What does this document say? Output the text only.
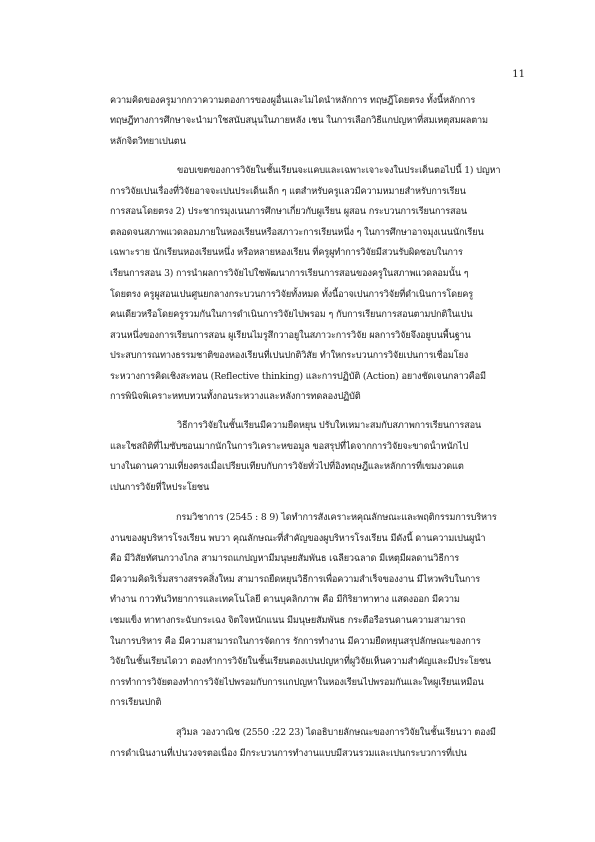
11
ความคิดของครูมากกวาความตองการของผูอื่นและไมไดนําหลักการ ทฤษฎีโดยตรง ทั้งนี้หลักการ
ทฤษฎีทางการศึกษาจะนํามาใชสนับสนุนในภายหลัง เชน ในการเลือกวิธีแกปญหาที่สมเหตุสมผลตาม
หลักจิตวิทยาเปนตน
ขอบเขตของการวิจัยในชั้นเรียนจะแคบและเฉพาะเจาะจงในประเด็นตอไปนี้ 1) ปญหา
การวิจัยเปนเรื่องที่วิจัยอาจจะเปนประเด็นเล็ก ๆ แตสําหรับครูแลวมีความหมายสําหรับการเรียน
การสอนโดยตรง 2) ประชากรมุงเนนการศึกษาเกี่ยวกับผูเรียน ผูสอน กระบวนการเรียนการสอน
ตลอดจนสภาพแวดลอมภายในหองเรียนหรือสภาวะการเรียนหนึ่ง ๆ ในการศึกษาอาจมุงเนนนักเรียน
เฉพาะราย นักเรียนหองเรียนหนึ่ง หรือหลายหองเรียน ที่ครูผูทําการวิจัยมีสวนรับผิดชอบในการ
เรียนการสอน 3) การนําผลการวิจัยไปใชพัฒนาการเรียนการสอนของครูในสภาพแวดลอมนั้น ๆ
โดยตรง ครูผูสอนเปนศูนยกลางกระบวนการวิจัยทั้งหมด ทั้งนี้อาจเปนการวิจัยที่ดําเนินการโดยครู
คนเดียวหรือโดยครูรวมกันในการดําเนินการวิจัยไปพรอม ๆ กับการเรียนการสอนตามปกติในเปน
สวนหนึ่งของการเรียนการสอน ผูเรียนไมรูสึกวาอยูในสภาวะการวิจัย ผลการวิจัยจึงอยูบนพื้นฐาน
ประสบการณทางธรรมชาติของหองเรียนที่เปนปกติวิสัย ทําใหกระบวนการวิจัยเปนการเชื่อมโยง
ระหวางการคิดเชิงสะทอน (Reflective thinking) และการปฏิบัติ (Action) อยางชัดเจนกลาวคือมี
การพินิจพิเคราะหทบทวนทั้งกอนระหวางและหลังการทดลองปฏิบัติ
วิธีการวิจัยในชั้นเรียนมีความยืดหยุน ปรับใหเหมาะสมกับสภาพการเรียนการสอน
และใชสถิติที่ไมซับซอนมากนักในการวิเคราะหขอมูล ขอสรุปที่ไดจากการวิจัยจะขาดน้ําหนักไป
บางในดานความเที่ยงตรงเมื่อเปรียบเทียบกับการวิจัยทั่วไปที่อิงทฤษฎีและหลักการที่เขมงวดแต
เปนการวิจัยที่ใหประโยชน
กรมวิชาการ (2545 : 8 9) ไดทําการสังเคราะหคุณลักษณะและพฤติกรรมการบริหาร
งานของผูบริหารโรงเรียน พบวา คุณลักษณะที่สําคัญของผูบริหารโรงเรียน มีดังนี้ ดานความเปนผูนํา
คือ มีวิสัยทัศนกวางไกล สามารถแกปญหามีมนุษยสัมพันธ เฉลียวฉลาด มีเหตุมีผลดานวิธีการ
มีความคิดริเริ่มสรางสรรคสิ่งใหม สามารถยืดหยุนวิธีการเพื่อความสําเร็จของงาน มีไหวพริบในการ
ทํางาน กาวทันวิทยาการและเทคโนโลยี ดานบุคลิกภาพ คือ มีกิริยาทาทาง แสดงออก มีความ
เชมแข็ง ทาทางกระฉับกระเฉง จิตใจหนักแนน มีมนุษยสัมพันธ กระตือรือรนดานความสามารถ
ในการบริหาร คือ มีความสามารถในการจัดการ รักการทํางาน มีความยืดหยุนสรุปลักษณะของการ
วิจัยในชั้นเรียนไดวา ตองทําการวิจัยในชั้นเรียนตองเปนปญหาที่ผูวิจัยเห็นความสําคัญและมีประโยชน
การทําการวิจัยตองทําการวิจัยไปพรอมกับการแกปญหาในหองเรียนไปพรอมกันและใหผูเรียนเหมือน
การเรียนปกติ
สุวิมล วองวาณิช (2550 :22 23) ไดอธิบายลักษณะของการวิจัยในชั้นเรียนวา ตองมี
การดําเนินงานที่เปนวงจรตอเนื่อง มีกระบวนการทํางานแบบมีสวนรวมและเปนกระบวการที่เปน
